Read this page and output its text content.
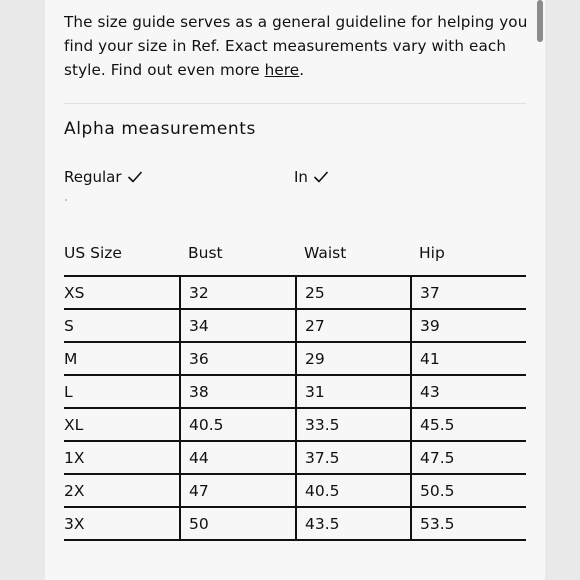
The size guide serves as a general guideline for helping you find your size in Ref. Exact measurements vary with each style. Find out even more here.
Alpha measurements
Regular	In
US Size	Bust	Waist	Hip
XS	32	25	37
S	34	27	39
M	36	29	41
L	38	31	43
XL	40.5	33.5	45.5
1X	44	37.5	47.5
2X	47	40.5	50.5
3X	50	43.5	53.5
